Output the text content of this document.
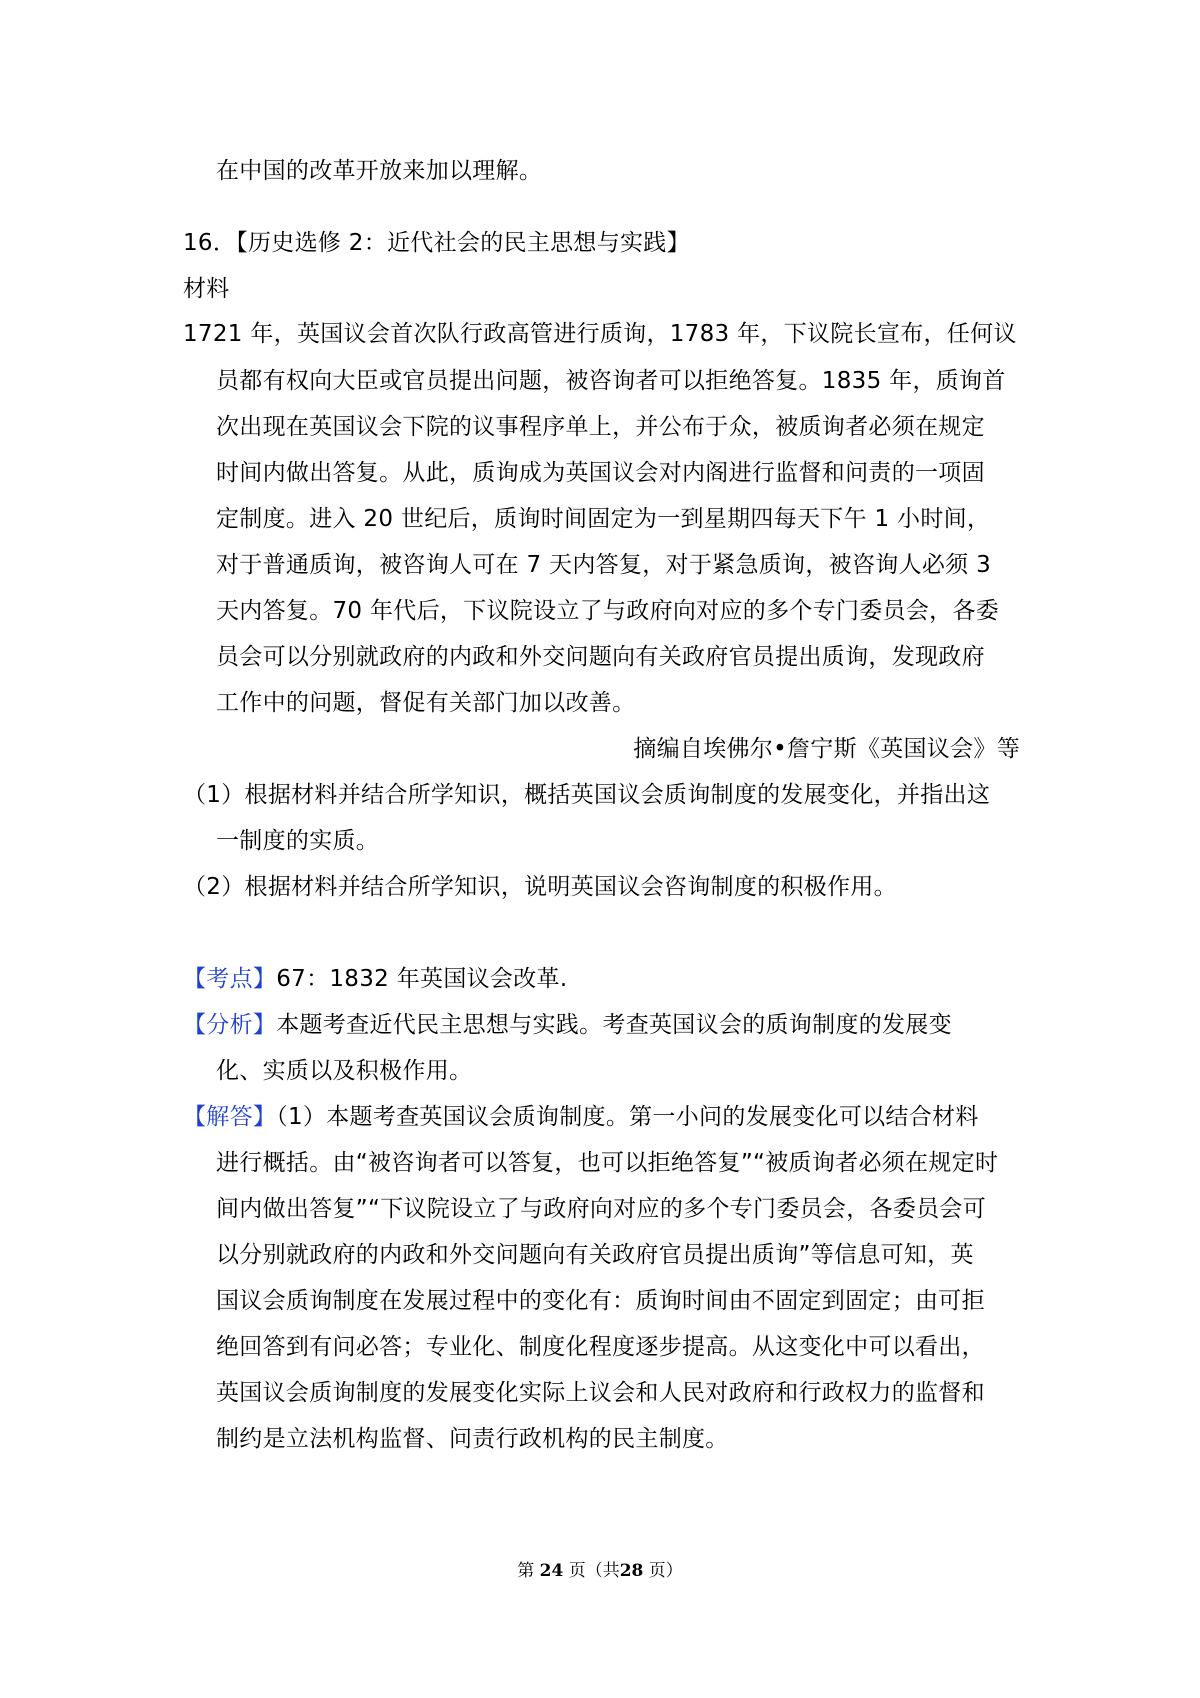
在中国的改革开放来加以理解。
16．【历史选修 2：近代社会的民主思想与实践】
材料
1721 年，英国议会首次队行政高管进行质询，1783 年，下议院长宣布，任何议
员都有权向大臣或官员提出问题，被咨询者可以拒绝答复。1835 年，质询首
次出现在英国议会下院的议事程序单上，并公布于众，被质询者必须在规定
时间内做出答复。从此，质询成为英国议会对内阁进行监督和问责的一项固
定制度。进入 20 世纪后，质询时间固定为一到星期四每天下午 1 小时间，
对于普通质询，被咨询人可在 7 天内答复，对于紧急质询，被咨询人必须 3
天内答复。70 年代后，下议院设立了与政府向对应的多个专门委员会，各委
员会可以分别就政府的内政和外交问题向有关政府官员提出质询，发现政府
工作中的问题，督促有关部门加以改善。
摘编自埃佛尔•詹宁斯《英国议会》等
（1）根据材料并结合所学知识，概括英国议会质询制度的发展变化，并指出这
一制度的实质。
（2）根据材料并结合所学知识，说明英国议会咨询制度的积极作用。
【考点】67：1832 年英国议会改革.
【分析】本题考查近代民主思想与实践。考查英国议会的质询制度的发展变
化、实质以及积极作用。
【解答】（1）本题考查英国议会质询制度。第一小问的发展变化可以结合材料
进行概括。由“被咨询者可以答复，也可以拒绝答复”“被质询者必须在规定时
间内做出答复”“下议院设立了与政府向对应的多个专门委员会，各委员会可
以分别就政府的内政和外交问题向有关政府官员提出质询”等信息可知，英
国议会质询制度在发展过程中的变化有：质询时间由不固定到固定；由可拒
绝回答到有问必答；专业化、制度化程度逐步提高。从这变化中可以看出，
英国议会质询制度的发展变化实际上议会和人民对政府和行政权力的监督和
制约是立法机构监督、问责行政机构的民主制度。
第 24 页（共28 页）
